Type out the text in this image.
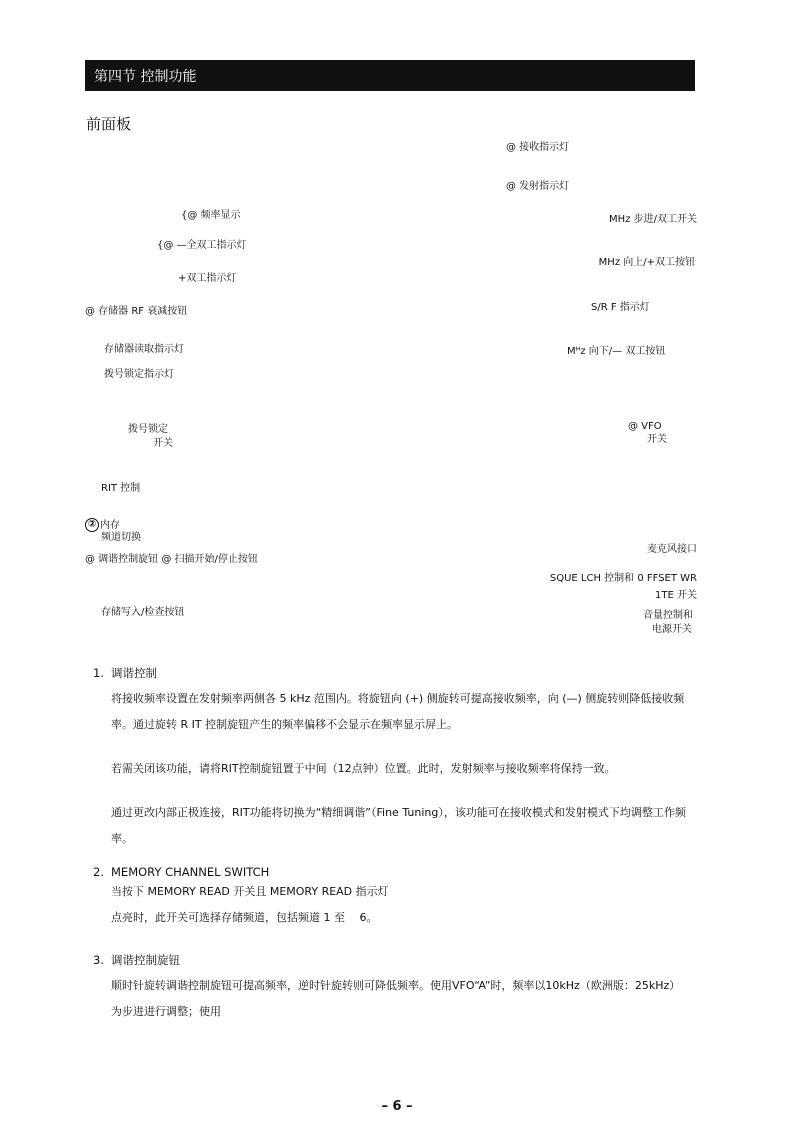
第四节 控制功能
前面板
{@ 频率显示
{@ —全双工指示灯
+双工指示灯
@ 存储器 RF 衰减按钮
存储器读取指示灯
拨号锁定指示灯
拨号锁定
开关
RIT 控制
② 内存
频道切换
@ 调谐控制旋钮 @ 扫描开始/停止按钮
存储写入/检查按钮
@ 接收指示灯
@ 发射指示灯
MHz 步进/双工开关
MHz 向上/+双工按钮
S/R F 指示灯
Mᴴz 向下/— 双工按钮
@ VFO
开关
麦克风接口
SQUE LCH 控制和 0 FFSET WR
1TE 开关
音量控制和
电源开关
1. 调谐控制

将接收频率设置在发射频率两侧各 5 kHz 范围内。将旋钮向 (+) 侧旋转可提高接收频率，向 (—) 侧旋转则降低接收频率。通过旋转 R IT 控制旋钮产生的频率偏移不会显示在频率显示屏上。

若需关闭该功能，请将RIT控制旋钮置于中间（12点钟）位置。此时，发射频率与接收频率将保持一致。

通过更改内部正极连接，RIT功能将切换为“精细调谐”（Fine Tuning），该功能可在接收模式和发射模式下均调整工作频率。

2. MEMORY CHANNEL SWITCH

当按下 MEMORY READ 开关且 MEMORY READ 指示灯

点亮时，此开关可选择存储频道，包括频道 1 至　 6。

3. 调谐控制旋钮

顺时针旋转调谐控制旋钮可提高频率，逆时针旋转则可降低频率。使用VFO“A”时，频率以10kHz（欧洲版：25kHz）为步进进行调整；使用

– 6 –
